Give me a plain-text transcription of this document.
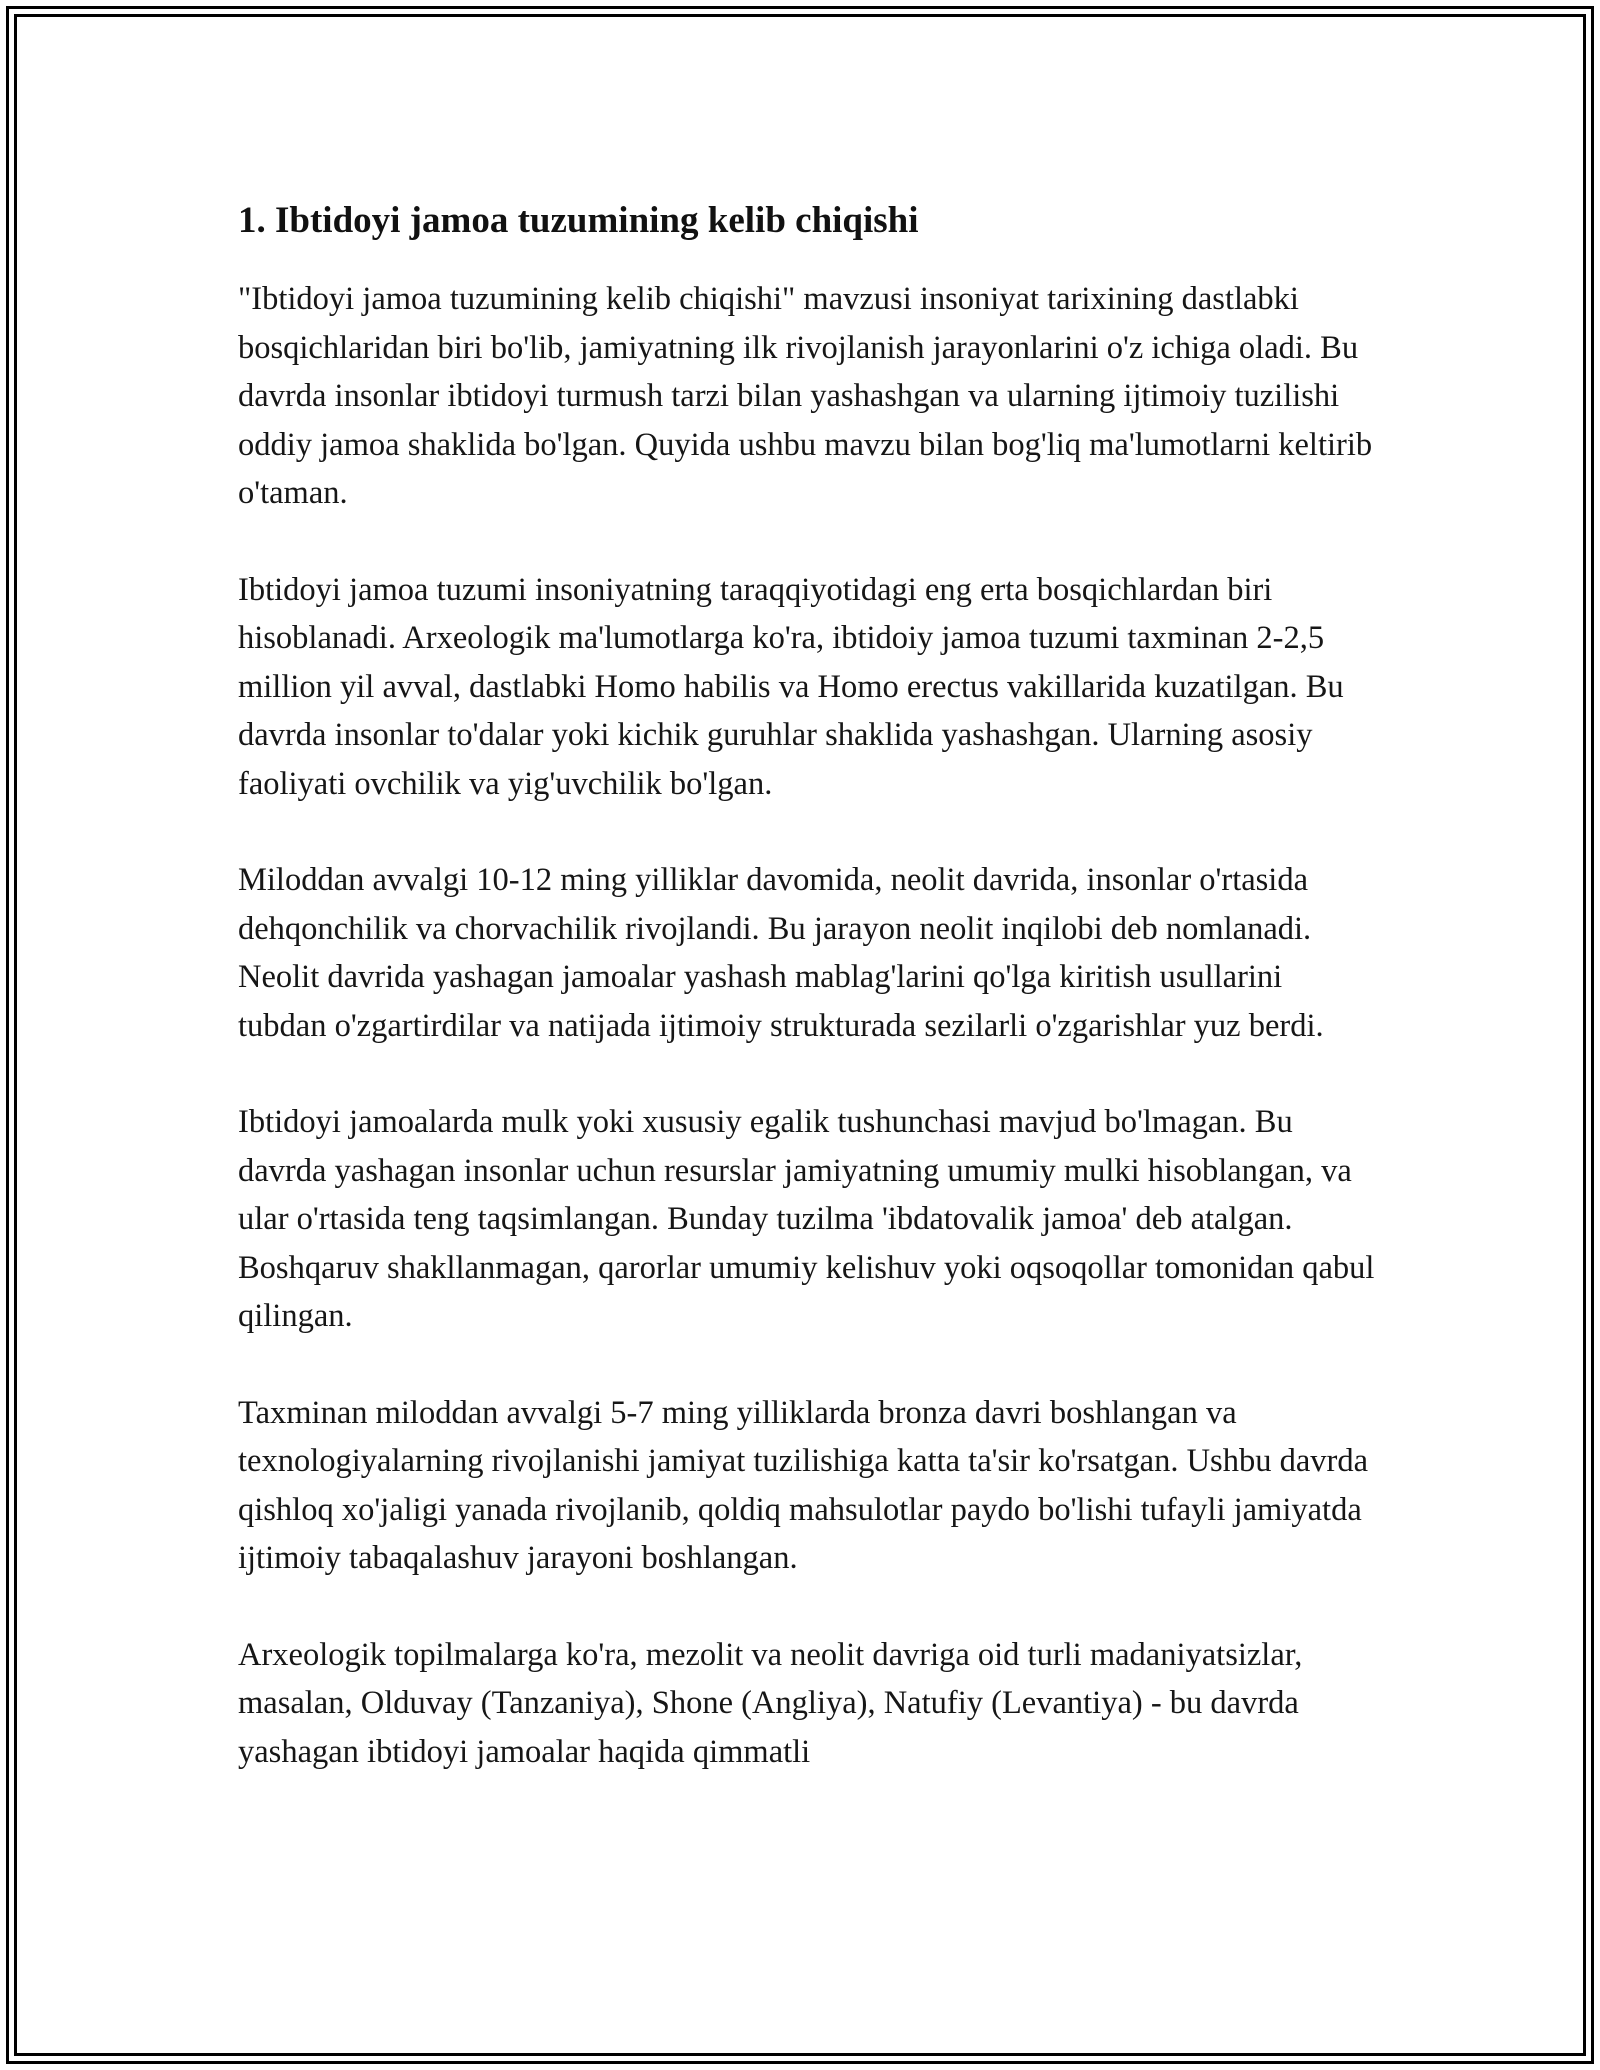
1. Ibtidoyi jamoa tuzumining kelib chiqishi

"Ibtidoyi jamoa tuzumining kelib chiqishi" mavzusi insoniyat tarixining dastlabki bosqichlaridan biri bo'lib, jamiyatning ilk rivojlanish jarayonlarini o'z ichiga oladi. Bu davrda insonlar ibtidoyi turmush tarzi bilan yashashgan va ularning ijtimoiy tuzilishi oddiy jamoa shaklida bo'lgan. Quyida ushbu mavzu bilan bog'liq ma'lumotlarni keltirib o'taman.

Ibtidoyi jamoa tuzumi insoniyatning taraqqiyotidagi eng erta bosqichlardan biri hisoblanadi. Arxeologik ma'lumotlarga ko'ra, ibtidoiy jamoa tuzumi taxminan 2-2,5 million yil avval, dastlabki Homo habilis va Homo erectus vakillarida kuzatilgan. Bu davrda insonlar to'dalar yoki kichik guruhlar shaklida yashashgan. Ularning asosiy faoliyati ovchilik va yig'uvchilik bo'lgan.

Miloddan avvalgi 10-12 ming yilliklar davomida, neolit davrida, insonlar o'rtasida dehqonchilik va chorvachilik rivojlandi. Bu jarayon neolit inqilobi deb nomlanadi. Neolit davrida yashagan jamoalar yashash mablag'larini qo'lga kiritish usullarini tubdan o'zgartirdilar va natijada ijtimoiy strukturada sezilarli o'zgarishlar yuz berdi.

Ibtidoyi jamoalarda mulk yoki xususiy egalik tushunchasi mavjud bo'lmagan. Bu davrda yashagan insonlar uchun resurslar jamiyatning umumiy mulki hisoblangan, va ular o'rtasida teng taqsimlangan. Bunday tuzilma 'ibdatovalik jamoa' deb atalgan. Boshqaruv shakllanmagan, qarorlar umumiy kelishuv yoki oqsoqollar tomonidan qabul qilingan.

Taxminan miloddan avvalgi 5-7 ming yilliklarda bronza davri boshlangan va texnologiyalarning rivojlanishi jamiyat tuzilishiga katta ta'sir ko'rsatgan. Ushbu davrda qishloq xo'jaligi yanada rivojlanib, qoldiq mahsulotlar paydo bo'lishi tufayli jamiyatda ijtimoiy tabaqalashuv jarayoni boshlangan.

Arxeologik topilmalarga ko'ra, mezolit va neolit davriga oid turli madaniyatsizlar, masalan, Olduvay (Tanzaniya), Shone (Angliya), Natufiy (Levantiya) - bu davrda yashagan ibtidoyi jamoalar haqida qimmatli
